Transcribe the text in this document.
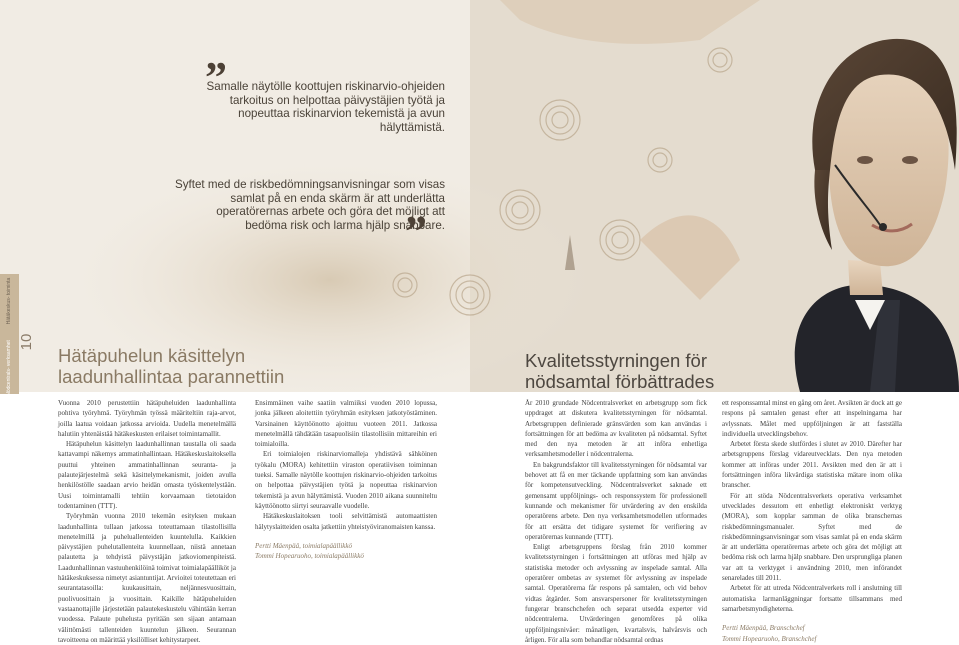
”
Samalle näytölle koottujen riskinarvio-ohjeiden tarkoitus on helpottaa päivystäjien työtä ja nopeuttaa riskinarvion tekemistä ja avun hälyttämistä.
Syftet med de riskbedömningsanvisningar som visas samlat på en enda skärm är att underlätta operatörernas arbete och göra det möjligt att bedöma risk och larma hjälp snabbare.
”
10
Hätäkeskus- toiminta
Nödcentrals- verksamhet Hätäpuhelun käsittelyn laadunhallintaa parannettiin
Kvalitetsstyrningen för nödsamtal förbättrades

Vuonna 2010 perustettiin hätäpuheluiden laadunhallinta pohtiva työryhmä. Työryhmän työssä määriteltiin raja-arvot, joilla laatua voidaan jatkossa arvioida. Uudella menetelmällä halutiin yhtenäistää hätäkeskusten erilaiset toimintamallit.

Hätäpuhelun käsittelyn laadunhallinnan taustalla oli saada kattavampi näkemys ammatinhallintaan. Hätäkeskuslaitoksella puuttui yhteinen ammatinhallinnan seuranta- ja palautejärjestelmä sekä käsittelymekanismit, joiden avulla henkilöstölle saadaan arvio heidän omasta työskentelystään. Uusi toimintamalli tehtiin korvaamaan tietotaidon todentaminen (TTT).

Työryhmän vuonna 2010 tekemän esityksen mukaan laadunhallinta tullaan jatkossa toteuttamaan tilastollisilla menetelmillä ja puheluallenteiden kuuntelulla. Kaikkien päivystäjien puhelutallenteita kuunnellaan, niistä annetaan palautetta ja tehdyistä päivystäjän jatkoviomenpiteistä. Laadunhallinnan vastuuhenkilöinä toimivat toimialapäälliköt ja hätäkeskuksessa nimetyt asiantuntijat. Arvioitei toteutettaan eri seurantatasoilla: kuukausittain, neljännesvuosittain, puolivuosittain ja vuosittain. Kaikille hätäpuheluiden vastaanottajille järjestetään palautekeskustelu vähintään kerran vuodessa. Palaute puhelusta pyritään sen sijaan antamaan välittömästi tallenteiden kuuntelun jälkeen. Seurannan tavoitteena on määrittää yksilölliset kehitystarpeet.

Ensimmäinen vaihe saatiin valmiiksi vuoden 2010 lopussa, jonka jälkeen aloitettiin työryhmän esityksen jatkotyöstäminen. Varsinainen käyttöönotto ajoittuu vuoteen 2011. Jatkossa menetelmällä tähdätään tasapuolisiin tilastollisiin mittareihin eri toimialoilla.

Eri toimialojen riskinarviomalleja yhdistävä sähköinen työkalu (MORA) kehitettiin viraston operatiivisen toiminnan tueksi. Samalle näytölle koottujen riskinarvio-ohjeiden tarkoitus on helpottaa päivystäjien työtä ja nopeuttaa riskinarvion tekemistä ja avun hälyttämistä. Vuoden 2010 aikana suunniteltu käyttöönotto siirtyi seuraavalle vuodelle.

Hätäkeskuslaitoksen tooli selvittämistä automaattisten hälytyslaitteiden osalta jatkettiin yhteistyöviranomaisten kanssa.

Pertti Mäenpää, toimialapäällikkö
Tommi Hopearuoho, toimialapäällikkö

År 2010 grundade Nödcentralsverket en arbetsgrupp som fick uppdraget att diskutera kvalitetsstyrningen för nödsamtal. Arbetsgruppen definierade gränsvärden som kan användas i fortsättningen för att bedöma av kvaliteten på nödsamtal. Syftet med den nya metoden är att införa enhetliga verksamhetsmodeller i nödcentralerna.

En bakgrundsfaktor till kvalitetsstyrningen för nödsamtal var behovet att få en mer täckande uppfattning som kan användas för kompetensutveckling. Nödcentralsverket saknade ett gemensamt uppföljnings- och responssystem för professionell kunnande och mekanismer för utvärdering av den enskilda operatörens arbete. Den nya verksamhetsmodellen utformades för att ersätta det tidigare systemet för verifiering av operatörernas kunnande (TTT).

Enligt arbetsgruppens förslag från 2010 kommer kvalitetsstyrningen i fortsättningen att utföras med hjälp av statistiska metoder och avlyssning av inspelade samtal. Alla operatörer ombetas av systemet för avlyssning av inspelade samtal. Operatörerna får respons på samtalen, och vid behov vidtas åtgärder. Som ansvarspersoner för kvalitetsstyrningen fungerar branschchefen och separat utsedda experter vid nödcentralerna. Utvärderingen genomföres på olika uppföljningsnivåer: månatligen, kvartalsvis, halvårsvis och årligen. För alla som behandlar nödsamtal ordnas

ett responssamtal minst en gång om året. Avsikten är dock att ge respons på samtalen genast efter att inspelningarna har avlyssnats. Målet med uppföljningen är att fastställa individuella utvecklingsbehov.

Arbetet första skede slutfördes i slutet av 2010. Därefter har arbetsgruppens förslag vidareutvecklats. Den nya metoden kommer att införas under 2011. Avsikten med den är att i fortsättningen införa likvärdiga statistiska mätare inom olika branscher.

För att stöda Nödcentralsverkets operativa verksamhet utvecklades dessutom ett enhetligt elektroniskt verktyg (MORA), som kopplar samman de olika branschernas riskbedömningsmanualer. Syftet med de riskbedömningsanvisningar som visas samlat på en enda skärm är att underlätta operatörernas arbete och göra det möjligt att bedöma risk och larma hjälp snabbare. Den ursprungliga planen var att ta verktyget i användning 2010, men införandet senarelades till 2011.

Arbetet för att utreda Nödcentralverkets roll i anslutning till automatiska larmanläggningar fortsatte tillsammans med samarbetsmyndigheterna.

Pertti Mäenpää, Branschchef
Tommi Hopearuoho, Branschchef
